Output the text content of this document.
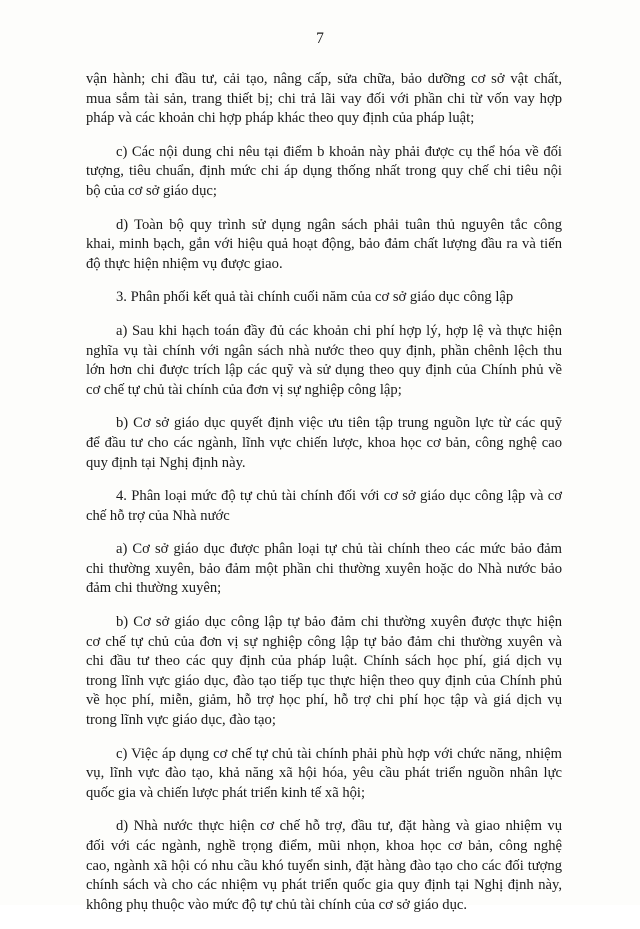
7
vận hành; chi đầu tư, cải tạo, nâng cấp, sửa chữa, bảo dưỡng cơ sở vật chất,
mua sắm tài sản, trang thiết bị; chi trả lãi vay đối với phần chi từ vốn vay hợp
pháp và các khoản chi hợp pháp khác theo quy định của pháp luật;
c) Các nội dung chi nêu tại điểm b khoản này phải được cụ thể hóa về đối
tượng, tiêu chuẩn, định mức chi áp dụng thống nhất trong quy chế chi tiêu nội
bộ của cơ sở giáo dục;
d) Toàn bộ quy trình sử dụng ngân sách phải tuân thủ nguyên tắc công
khai, minh bạch, gắn với hiệu quả hoạt động, bảo đảm chất lượng đầu ra và tiến
độ thực hiện nhiệm vụ được giao.
3. Phân phối kết quả tài chính cuối năm của cơ sở giáo dục công lập
a) Sau khi hạch toán đầy đủ các khoản chi phí hợp lý, hợp lệ và thực hiện
nghĩa vụ tài chính với ngân sách nhà nước theo quy định, phần chênh lệch thu
lớn hơn chi được trích lập các quỹ và sử dụng theo quy định của Chính phủ về
cơ chế tự chủ tài chính của đơn vị sự nghiệp công lập;
b) Cơ sở giáo dục quyết định việc ưu tiên tập trung nguồn lực từ các quỹ
để đầu tư cho các ngành, lĩnh vực chiến lược, khoa học cơ bản, công nghệ cao
quy định tại Nghị định này.
4. Phân loại mức độ tự chủ tài chính đối với cơ sở giáo dục công lập và cơ
chế hỗ trợ của Nhà nước
a) Cơ sở giáo dục được phân loại tự chủ tài chính theo các mức bảo đảm
chi thường xuyên, bảo đảm một phần chi thường xuyên hoặc do Nhà nước bảo
đảm chi thường xuyên;
b) Cơ sở giáo dục công lập tự bảo đảm chi thường xuyên được thực hiện
cơ chế tự chủ của đơn vị sự nghiệp công lập tự bảo đảm chi thường xuyên và
chi đầu tư theo các quy định của pháp luật. Chính sách học phí, giá dịch vụ
trong lĩnh vực giáo dục, đào tạo tiếp tục thực hiện theo quy định của Chính phủ
về học phí, miễn, giảm, hỗ trợ học phí, hỗ trợ chi phí học tập và giá dịch vụ
trong lĩnh vực giáo dục, đào tạo;
c) Việc áp dụng cơ chế tự chủ tài chính phải phù hợp với chức năng, nhiệm
vụ, lĩnh vực đào tạo, khả năng xã hội hóa, yêu cầu phát triển nguồn nhân lực
quốc gia và chiến lược phát triển kinh tế xã hội;
d) Nhà nước thực hiện cơ chế hỗ trợ, đầu tư, đặt hàng và giao nhiệm vụ
đối với các ngành, nghề trọng điểm, mũi nhọn, khoa học cơ bản, công nghệ
cao, ngành xã hội có nhu cầu khó tuyển sinh, đặt hàng đào tạo cho các đối tượng
chính sách và cho các nhiệm vụ phát triển quốc gia quy định tại Nghị định này,
không phụ thuộc vào mức độ tự chủ tài chính của cơ sở giáo dục.
